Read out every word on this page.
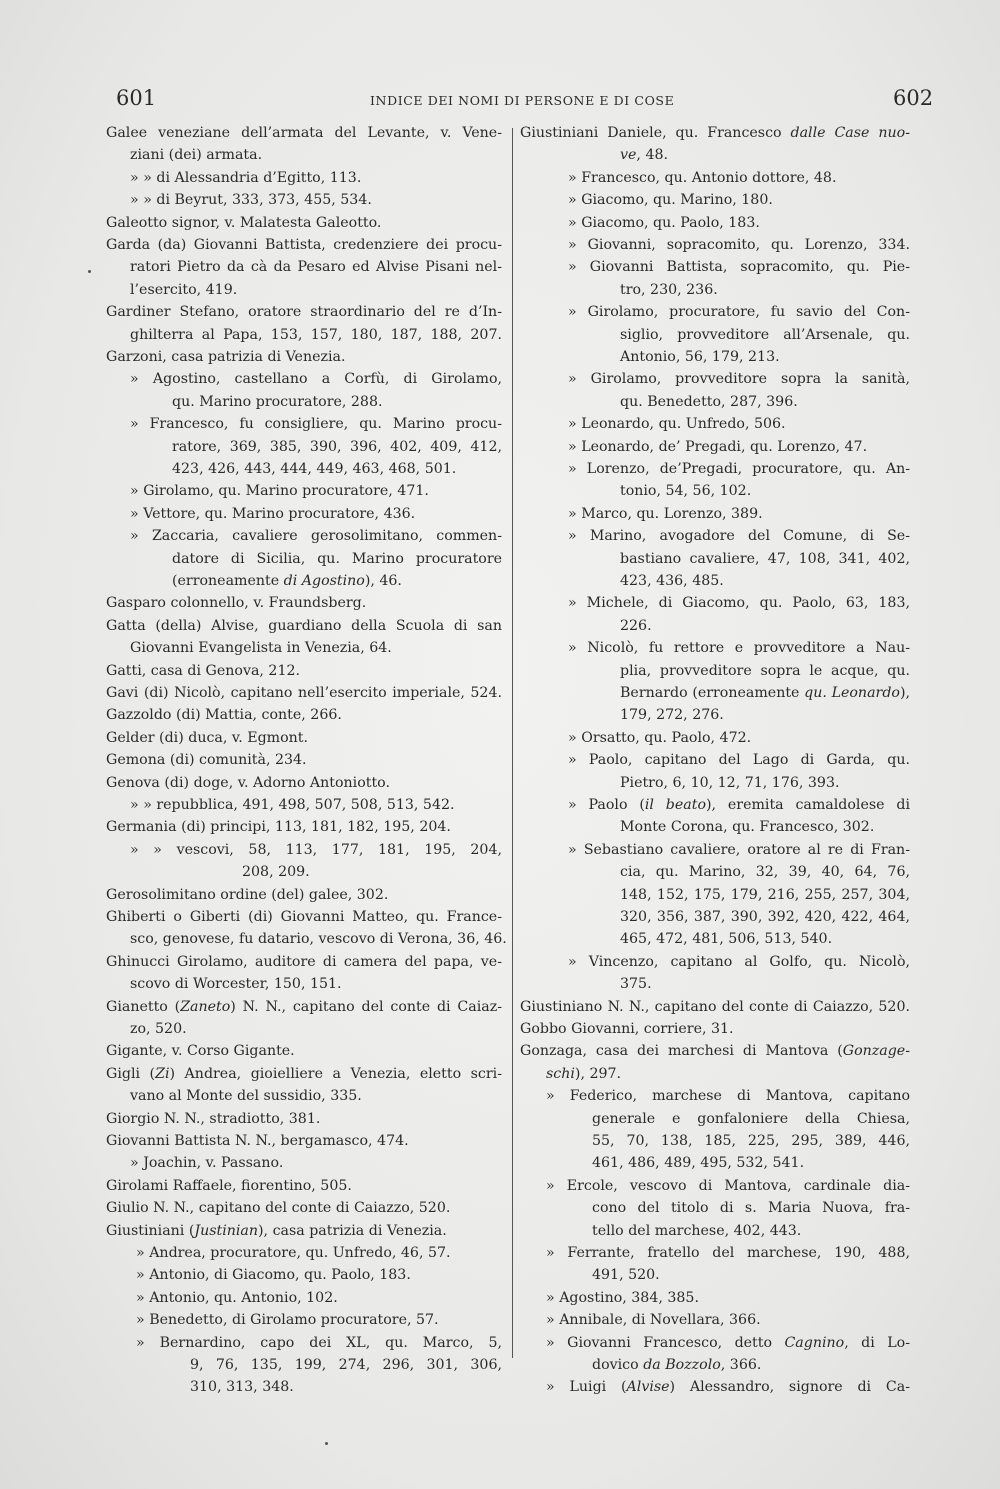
601	INDICE DEI NOMI DI PERSONE E DI COSE	602
Galee veneziane dell’armata del Levante, v. Vene-
ziani (dei) armata.
» » di Alessandria d’Egitto, 113.
» » di Beyrut, 333, 373, 455, 534.
Galeotto signor, v. Malatesta Galeotto.
Garda (da) Giovanni Battista, credenziere dei procu-
ratori Pietro da cà da Pesaro ed Alvise Pisani nel-
l’esercito, 419.
Gardiner Stefano, oratore straordinario del re d’In-
ghilterra al Papa, 153, 157, 180, 187, 188, 207.
Garzoni, casa patrizia di Venezia.
» Agostino, castellano a Corfù, di Girolamo,
qu. Marino procuratore, 288.
» Francesco, fu consigliere, qu. Marino procu-
ratore, 369, 385, 390, 396, 402, 409, 412,
423, 426, 443, 444, 449, 463, 468, 501.
» Girolamo, qu. Marino procuratore, 471.
» Vettore, qu. Marino procuratore, 436.
» Zaccaria, cavaliere gerosolimitano, commen-
datore di Sicilia, qu. Marino procuratore
(erroneamente di Agostino), 46.
Gasparo colonnello, v. Fraundsberg.
Gatta (della) Alvise, guardiano della Scuola di san
Giovanni Evangelista in Venezia, 64.
Gatti, casa di Genova, 212.
Gavi (di) Nicolò, capitano nell’esercito imperiale, 524.
Gazzoldo (di) Mattia, conte, 266.
Gelder (di) duca, v. Egmont.
Gemona (di) comunità, 234.
Genova (di) doge, v. Adorno Antoniotto.
» » repubblica, 491, 498, 507, 508, 513, 542.
Germania (di) principi, 113, 181, 182, 195, 204.
» » vescovi, 58, 113, 177, 181, 195, 204,
208, 209.
Gerosolimitano ordine (del) galee, 302.
Ghiberti o Giberti (di) Giovanni Matteo, qu. France-
sco, genovese, fu datario, vescovo di Verona, 36, 46.
Ghinucci Girolamo, auditore di camera del papa, ve-
scovo di Worcester, 150, 151.
Gianetto (Zaneto) N. N., capitano del conte di Caiaz-
zo, 520.
Gigante, v. Corso Gigante.
Gigli (Zi) Andrea, gioielliere a Venezia, eletto scri-
vano al Monte del sussidio, 335.
Giorgio N. N., stradiotto, 381.
Giovanni Battista N. N., bergamasco, 474.
» Joachin, v. Passano.
Girolami Raffaele, fiorentino, 505.
Giulio N. N., capitano del conte di Caiazzo, 520.
Giustiniani (Justinian), casa patrizia di Venezia.
» Andrea, procuratore, qu. Unfredo, 46, 57.
» Antonio, di Giacomo, qu. Paolo, 183.
» Antonio, qu. Antonio, 102.
» Benedetto, di Girolamo procuratore, 57.
» Bernardino, capo dei XL, qu. Marco, 5,
9, 76, 135, 199, 274, 296, 301, 306,
310, 313, 348.
Giustiniani Daniele, qu. Francesco dalle Case nuo-
ve, 48.
» Francesco, qu. Antonio dottore, 48.
» Giacomo, qu. Marino, 180.
» Giacomo, qu. Paolo, 183.
» Giovanni, sopracomito, qu. Lorenzo, 334.
» Giovanni Battista, sopracomito, qu. Pie-
tro, 230, 236.
» Girolamo, procuratore, fu savio del Con-
siglio, provveditore all’Arsenale, qu.
Antonio, 56, 179, 213.
» Girolamo, provveditore sopra la sanità,
qu. Benedetto, 287, 396.
» Leonardo, qu. Unfredo, 506.
» Leonardo, de’ Pregadi, qu. Lorenzo, 47.
» Lorenzo, de’Pregadi, procuratore, qu. An-
tonio, 54, 56, 102.
» Marco, qu. Lorenzo, 389.
» Marino, avogadore del Comune, di Se-
bastiano cavaliere, 47, 108, 341, 402,
423, 436, 485.
» Michele, di Giacomo, qu. Paolo, 63, 183,
226.
» Nicolò, fu rettore e provveditore a Nau-
plia, provveditore sopra le acque, qu.
Bernardo (erroneamente qu. Leonardo),
179, 272, 276.
» Orsatto, qu. Paolo, 472.
» Paolo, capitano del Lago di Garda, qu.
Pietro, 6, 10, 12, 71, 176, 393.
» Paolo (il beato), eremita camaldolese di
Monte Corona, qu. Francesco, 302.
» Sebastiano cavaliere, oratore al re di Fran-
cia, qu. Marino, 32, 39, 40, 64, 76,
148, 152, 175, 179, 216, 255, 257, 304,
320, 356, 387, 390, 392, 420, 422, 464,
465, 472, 481, 506, 513, 540.
» Vincenzo, capitano al Golfo, qu. Nicolò,
375.
Giustiniano N. N., capitano del conte di Caiazzo, 520.
Gobbo Giovanni, corriere, 31.
Gonzaga, casa dei marchesi di Mantova (Gonzage-
schi), 297.
» Federico, marchese di Mantova, capitano
generale e gonfaloniere della Chiesa,
55, 70, 138, 185, 225, 295, 389, 446,
461, 486, 489, 495, 532, 541.
» Ercole, vescovo di Mantova, cardinale dia-
cono del titolo di s. Maria Nuova, fra-
tello del marchese, 402, 443.
» Ferrante, fratello del marchese, 190, 488,
491, 520.
» Agostino, 384, 385.
» Annibale, di Novellara, 366.
» Giovanni Francesco, detto Cagnino, di Lo-
dovico da Bozzolo, 366.
» Luigi (Alvise) Alessandro, signore di Ca-
